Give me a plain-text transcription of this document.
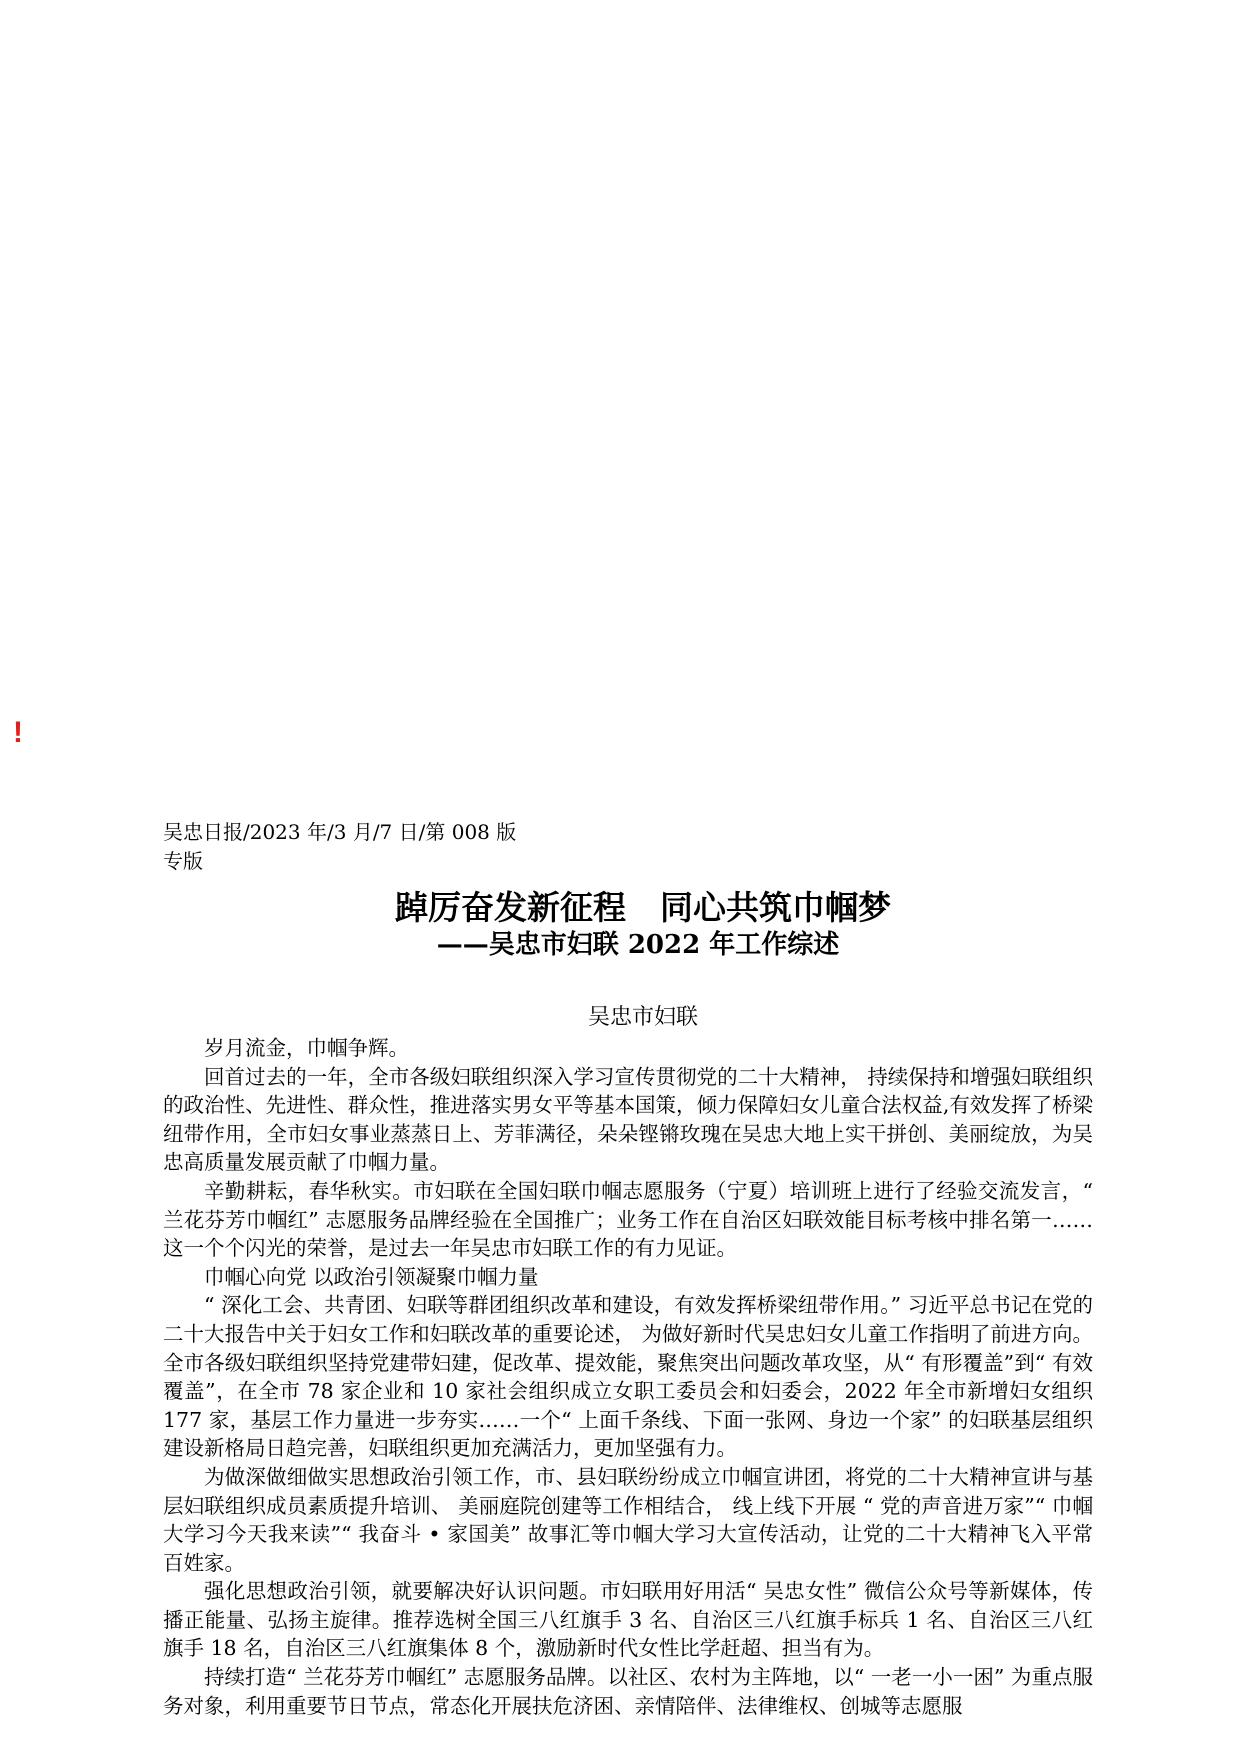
!
吴忠日报/2023 年/3 月/7 日/第 008 版专版
踔厉奋发新征程 同心共筑巾帼梦
——吴忠市妇联 2022 年工作综述
吴忠市妇联

岁月流金，巾帼争辉。

回首过去的一年，全市各级妇联组织深入学习宣传贯彻党的二十大精神， 持续保持和增强妇联组织的政治性、先进性、群众性，推进落实男女平等基本国策，倾力保障妇女儿童合法权益,有效发挥了桥梁纽带作用，全市妇女事业蒸蒸日上、芳菲满径，朵朵铿锵玫瑰在吴忠大地上实干拼创、美丽绽放，为吴忠高质量发展贡献了巾帼力量。

辛勤耕耘，春华秋实。市妇联在全国妇联巾帼志愿服务（宁夏）培训班上进行了经验交流发言，“ 兰花芬芳巾帼红” 志愿服务品牌经验在全国推广；业务工作在自治区妇联效能目标考核中排名第一……这一个个闪光的荣誉，是过去一年吴忠市妇联工作的有力见证。

巾帼心向党 以政治引领凝聚巾帼力量

“ 深化工会、共青团、妇联等群团组织改革和建设，有效发挥桥梁纽带作用。” 习近平总书记在党的二十大报告中关于妇女工作和妇联改革的重要论述， 为做好新时代吴忠妇女儿童工作指明了前进方向。全市各级妇联组织坚持党建带妇建，促改革、提效能，聚焦突出问题改革攻坚，从“ 有形覆盖”到“ 有效覆盖”，在全市 78 家企业和 10 家社会组织成立女职工委员会和妇委会，2022 年全市新增妇女组织 177 家，基层工作力量进一步夯实……一个“ 上面千条线、下面一张网、身边一个家” 的妇联基层组织建设新格局日趋完善，妇联组织更加充满活力，更加坚强有力。

为做深做细做实思想政治引领工作，市、县妇联纷纷成立巾帼宣讲团，将党的二十大精神宣讲与基层妇联组织成员素质提升培训、 美丽庭院创建等工作相结合， 线上线下开展 “ 党的声音进万家”“ 巾帼大学习今天我来读”“ 我奋斗 • 家国美” 故事汇等巾帼大学习大宣传活动，让党的二十大精神飞入平常百姓家。

强化思想政治引领，就要解决好认识问题。市妇联用好用活“ 吴忠女性” 微信公众号等新媒体，传播正能量、弘扬主旋律。推荐选树全国三八红旗手 3 名、自治区三八红旗手标兵 1 名、自治区三八红旗手 18 名，自治区三八红旗集体 8 个，激励新时代女性比学赶超、担当有为。

持续打造“ 兰花芬芳巾帼红” 志愿服务品牌。以社区、农村为主阵地，以“ 一老一小一困” 为重点服务对象，利用重要节日节点，常态化开展扶危济困、亲情陪伴、法律维权、创城等志愿服
